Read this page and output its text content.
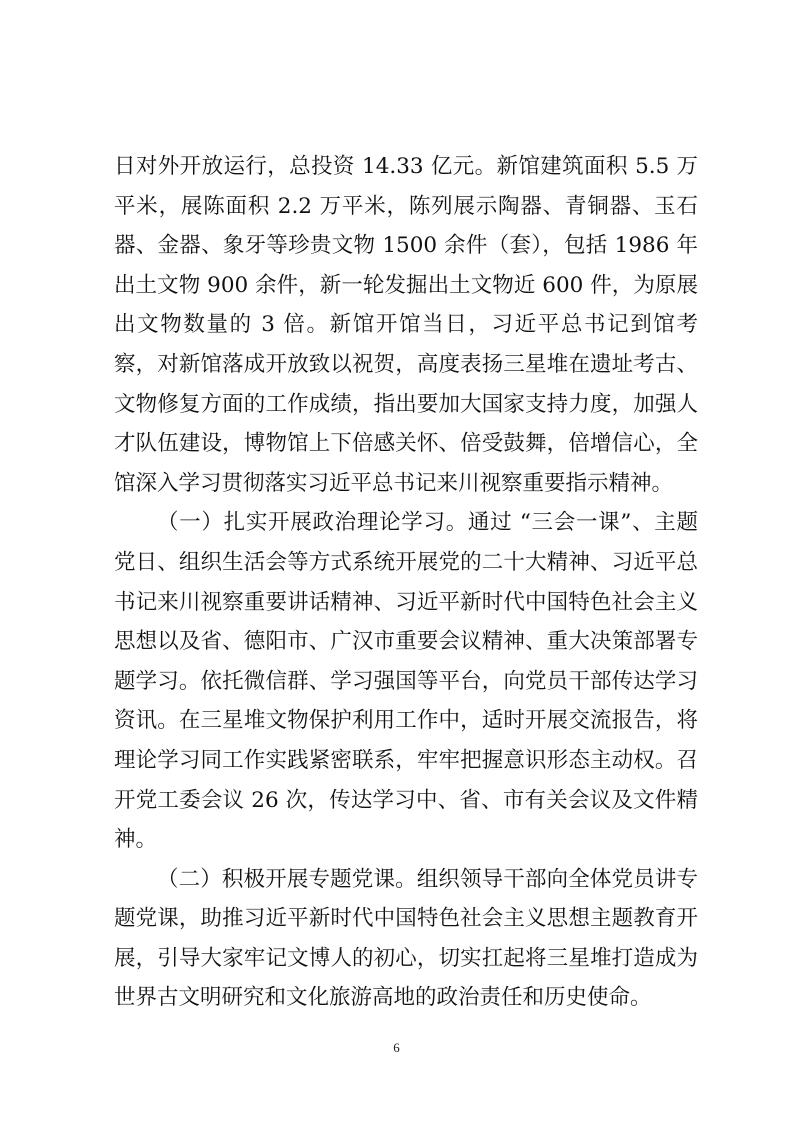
日对外开放运行，总投资 14.33 亿元。新馆建筑面积 5.5 万平米，展陈面积 2.2 万平米，陈列展示陶器、青铜器、玉石器、金器、象牙等珍贵文物 1500 余件（套），包括 1986 年出土文物 900 余件，新一轮发掘出土文物近 600 件，为原展出文物数量的 3 倍。新馆开馆当日，习近平总书记到馆考察，对新馆落成开放致以祝贺，高度表扬三星堆在遗址考古、文物修复方面的工作成绩，指出要加大国家支持力度，加强人才队伍建设，博物馆上下倍感关怀、倍受鼓舞，倍增信心，全馆深入学习贯彻落实习近平总书记来川视察重要指示精神。

（一）扎实开展政治理论学习。通过 “三会一课”、主题党日、组织生活会等方式系统开展党的二十大精神、习近平总书记来川视察重要讲话精神、习近平新时代中国特色社会主义思想以及省、德阳市、广汉市重要会议精神、重大决策部署专题学习。依托微信群、学习强国等平台，向党员干部传达学习资讯。在三星堆文物保护利用工作中，适时开展交流报告，将理论学习同工作实践紧密联系，牢牢把握意识形态主动权。召开党工委会议 26 次，传达学习中、省、市有关会议及文件精神。

（二）积极开展专题党课。组织领导干部向全体党员讲专题党课，助推习近平新时代中国特色社会主义思想主题教育开展，引导大家牢记文博人的初心，切实扛起将三星堆打造成为世界古文明研究和文化旅游高地的政治责任和历史使命。

6
